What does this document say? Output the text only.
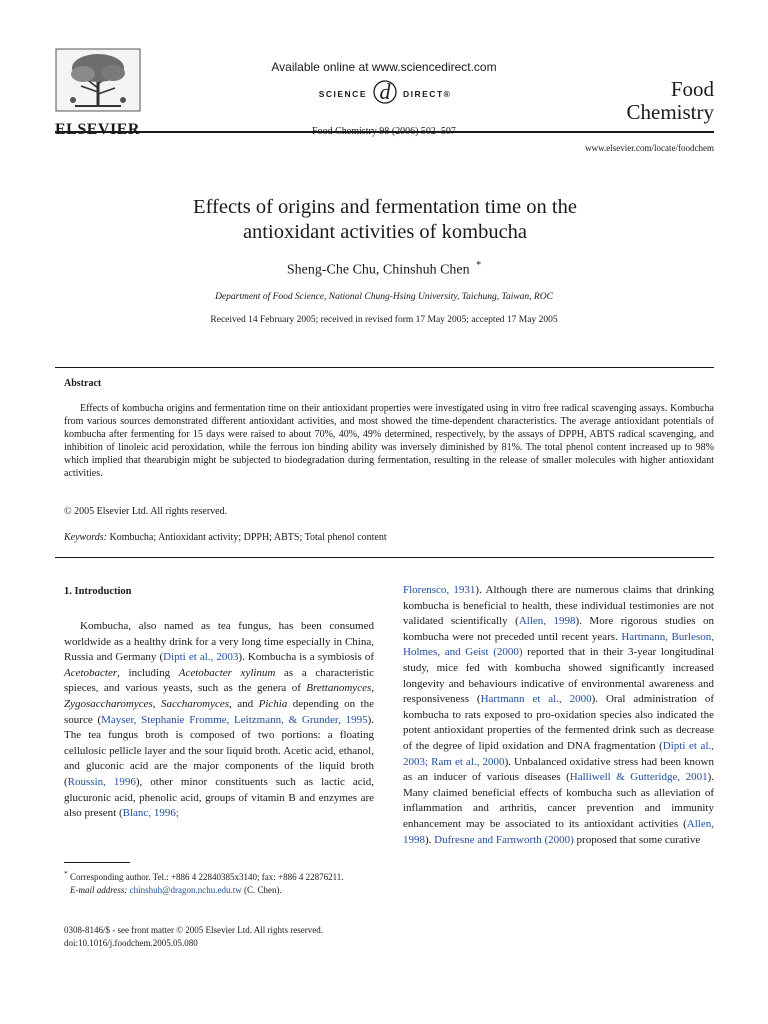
ELSEVIER
Available online at www.sciencedirect.com
SCIENCE d DIRECT®
Food Chemistry 98 (2006) 502–507
Food
Chemistry
www.elsevier.com/locate/foodchem
Effects of origins and fermentation time on the
antioxidant activities of kombucha
Sheng-Che Chu, Chinshuh Chen *
Department of Food Science, National Chung-Hsing University, Taichung, Taiwan, ROC
Received 14 February 2005; received in revised form 17 May 2005; accepted 17 May 2005
Abstract
Effects of kombucha origins and fermentation time on their antioxidant properties were investigated using in vitro free radical scavenging assays. Kombucha from various sources demonstrated different antioxidant activities, and most showed the time-dependent characteristics. The average antioxidant potentials of kombucha after fermenting for 15 days were raised to about 70%, 40%, 49% determined, respectively, by the assays of DPPH, ABTS radical scavenging, and inhibition of linoleic acid peroxidation, while the ferrous ion binding ability was inversely diminished by 81%. The total phenol content increased up to 98% which implied that thearubigin might be subjected to biodegradation during fermentation, resulting in the release of smaller molecules with higher antioxidant activities.
© 2005 Elsevier Ltd. All rights reserved.
Keywords: Kombucha; Antioxidant activity; DPPH; ABTS; Total phenol content
1. Introduction
Kombucha, also named as tea fungus, has been consumed worldwide as a healthy drink for a very long time especially in China, Russia and Germany (Dipti et al., 2003). Kombucha is a symbiosis of Acetobacter, including Acetobacter xylinum as a characteristic spieces, and various yeasts, such as the genera of Brettanomyces, Zygosaccharomyces, Saccharomyces, and Pichia depending on the source (Mayser, Stephanie Fromme, Leitzmann, & Grunder, 1995). The tea fungus broth is composed of two portions: a floating cellulosic pellicle layer and the sour liquid broth. Acetic acid, ethanol, and gluconic acid are the major components of the liquid broth (Roussin, 1996), other minor constituents such as lactic acid, glucuronic acid, phenolic acid, groups of vitamin B and enzymes are also present (Blanc, 1996;
Florensco, 1931). Although there are numerous claims that drinking kombucha is beneficial to health, these individual testimonies are not validated scientifically (Allen, 1998). More rigorous studies on kombucha were not preceded until recent years. Hartmann, Burleson, Holmes, and Geist (2000) reported that in their 3-year longitudinal study, mice fed with kombucha showed significantly increased longevity and behaviours indicative of environmental awareness and responsiveness (Hartmann et al., 2000). Oral administration of kombucha to rats exposed to pro-oxidation species also indicated the potent antioxidant properties of the fermented drink such as decrease of the degree of lipid oxidation and DNA fragmentation (Dipti et al., 2003; Ram et al., 2000). Unbalanced oxidative stress had been known as an inducer of various diseases (Halliwell & Gutteridge, 2001). Many claimed beneficial effects of kombucha such as alleviation of inflammation and arthritis, cancer prevention and immunity enhancement may be associated to its antioxidant activities (Allen, 1998). Dufresne and Farnworth (2000) proposed that some curative
* Corresponding author. Tel.: +886 4 22840385x3140; fax: +886 4 22876211.
E-mail address: chinshuh@dragon.nchu.edu.tw (C. Chen).
0308-8146/$ - see front matter © 2005 Elsevier Ltd. All rights reserved.
doi:10.1016/j.foodchem.2005.05.080
